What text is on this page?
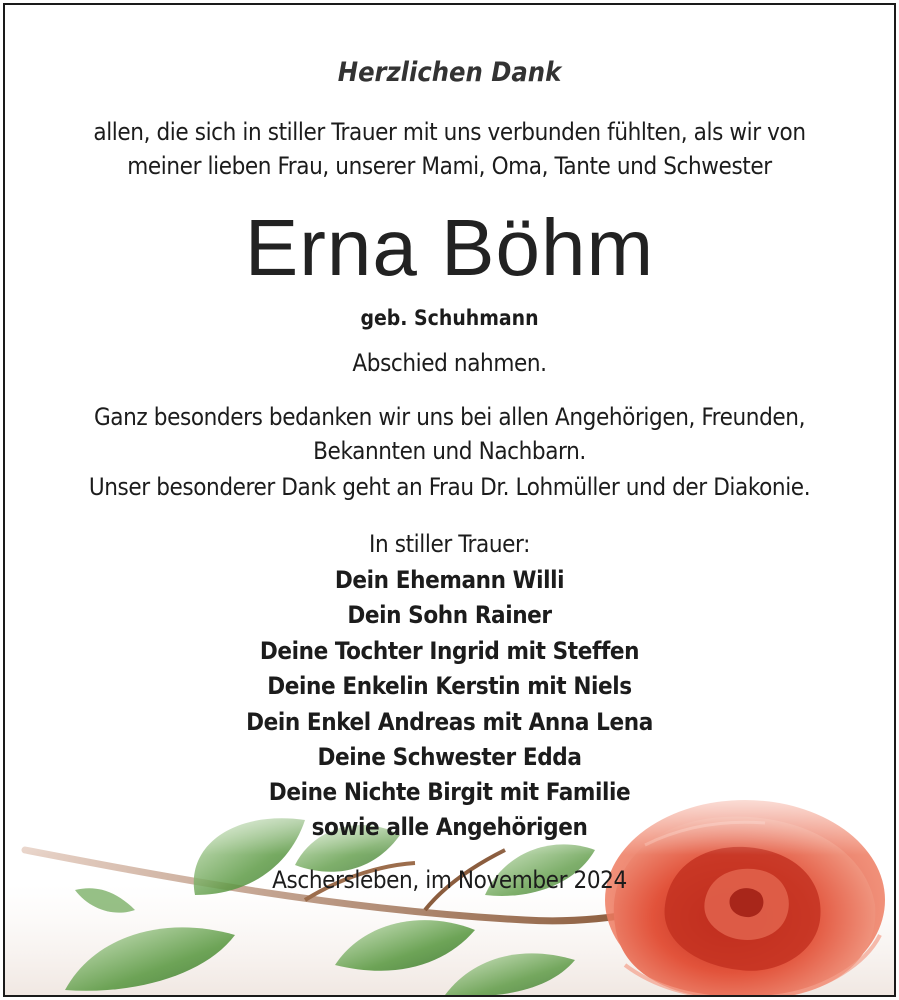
Herzlichen Dank
allen, die sich in stiller Trauer mit uns verbunden fühlten, als wir von
meiner lieben Frau, unserer Mami, Oma, Tante und Schwester
Erna Böhm
geb. Schuhmann
Abschied nahmen.
Ganz besonders bedanken wir uns bei allen Angehörigen, Freunden,
Bekannten und Nachbarn.
Unser besonderer Dank geht an Frau Dr. Lohmüller und der Diakonie.
In stiller Trauer:
Dein Ehemann Willi
Dein Sohn Rainer
Deine Tochter Ingrid mit Steffen
Deine Enkelin Kerstin mit Niels
Dein Enkel Andreas mit Anna Lena
Deine Schwester Edda
Deine Nichte Birgit mit Familie
sowie alle Angehörigen
Aschersleben, im November 2024
